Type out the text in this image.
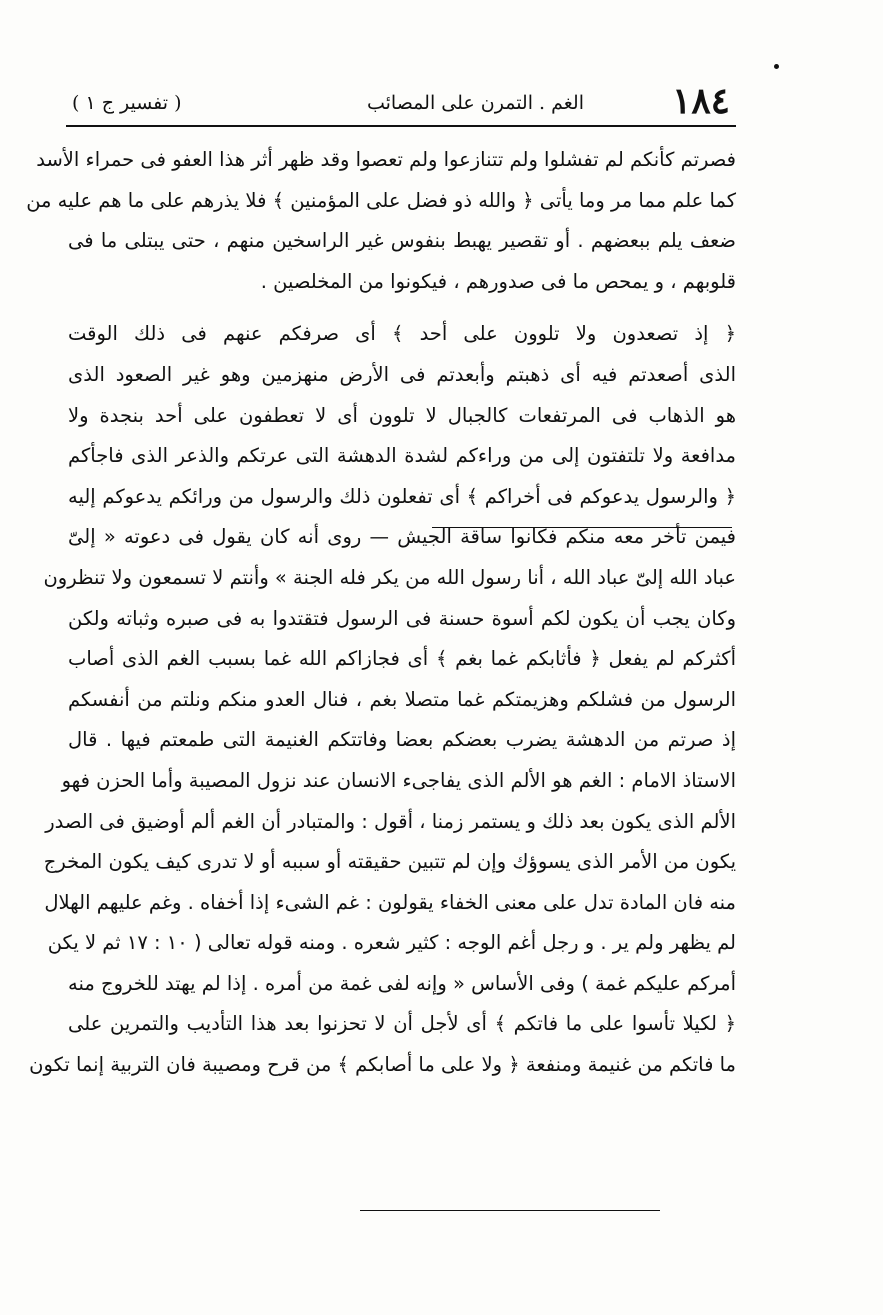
١٨٤
الغم . التمرن على المصائب
( تفسير ج ١ )
فصرتم كأنكم لم تفشلوا ولم تتنازعوا ولم تعصوا وقد ظهر أثر هذا العفو فى حمراء الأسد
كما علم مما مر وما يأتى ﴿ والله ذو فضل على المؤمنين ﴾ فلا يذرهم على ما هم عليه من
ضعف يلم ببعضهم . أو تقصير يهبط بنفوس غير الراسخين منهم ، حتى يبتلى ما فى
قلوبهم ، و يمحص ما فى صدورهم ، فيكونوا من المخلصين .
﴿ إذ تصعدون ولا تلوون على أحد ﴾ أى صرفكم عنهم فى ذلك الوقت
الذى أصعدتم فيه أى ذهبتم وأبعدتم فى الأرض منهزمين وهو غير الصعود الذى
هو الذهاب فى المرتفعات كالجبال لا تلوون أى لا تعطفون على أحد بنجدة ولا
مدافعة ولا تلتفتون إلى من وراءكم لشدة الدهشة التى عرتكم والذعر الذى فاجأكم
﴿ والرسول يدعوكم فى أخراكم ﴾ أى تفعلون ذلك والرسول من ورائكم يدعوكم إليه
فيمن تأخر معه منكم فكانوا ساقة الجيش — روى أنه كان يقول فى دعوته « إلىّ
عباد الله إلىّ عباد الله ، أنا رسول الله من يكر فله الجنة » وأنتم لا تسمعون ولا تنظرون
وكان يجب أن يكون لكم أسوة حسنة فى الرسول فتقتدوا به فى صبره وثباته ولكن
أكثركم لم يفعل ﴿ فأثابكم غما بغم ﴾ أى فجازاكم الله غما بسبب الغم الذى أصاب
الرسول من فشلكم وهزيمتكم غما متصلا بغم ، فنال العدو منكم ونلتم من أنفسكم
إذ صرتم من الدهشة يضرب بعضكم بعضا وفاتتكم الغنيمة التى طمعتم فيها . قال
الاستاذ الامام : الغم هو الألم الذى يفاجىء الانسان عند نزول المصيبة وأما الحزن فهو
الألم الذى يكون بعد ذلك و يستمر زمنا ، أقول : والمتبادر أن الغم ألم أوضيق فى الصدر
يكون من الأمر الذى يسوؤك وإن لم تتبين حقيقته أو سببه أو لا تدرى كيف يكون المخرج
منه فان المادة تدل على معنى الخفاء يقولون : غم الشىء إذا أخفاه . وغم عليهم الهلال
لم يظهر ولم ير . و رجل أغم الوجه : كثير شعره . ومنه قوله تعالى ( ١٠ : ١٧ ثم لا يكن
أمركم عليكم غمة ) وفى الأساس « وإنه لفى غمة من أمره . إذا لم يهتد للخروج منه
﴿ لكيلا تأسوا على ما فاتكم ﴾ أى لأجل أن لا تحزنوا بعد هذا التأديب والتمرين على
ما فاتكم من غنيمة ومنفعة ﴿ ولا على ما أصابكم ﴾ من قرح ومصيبة فان التربية إنما تكون
